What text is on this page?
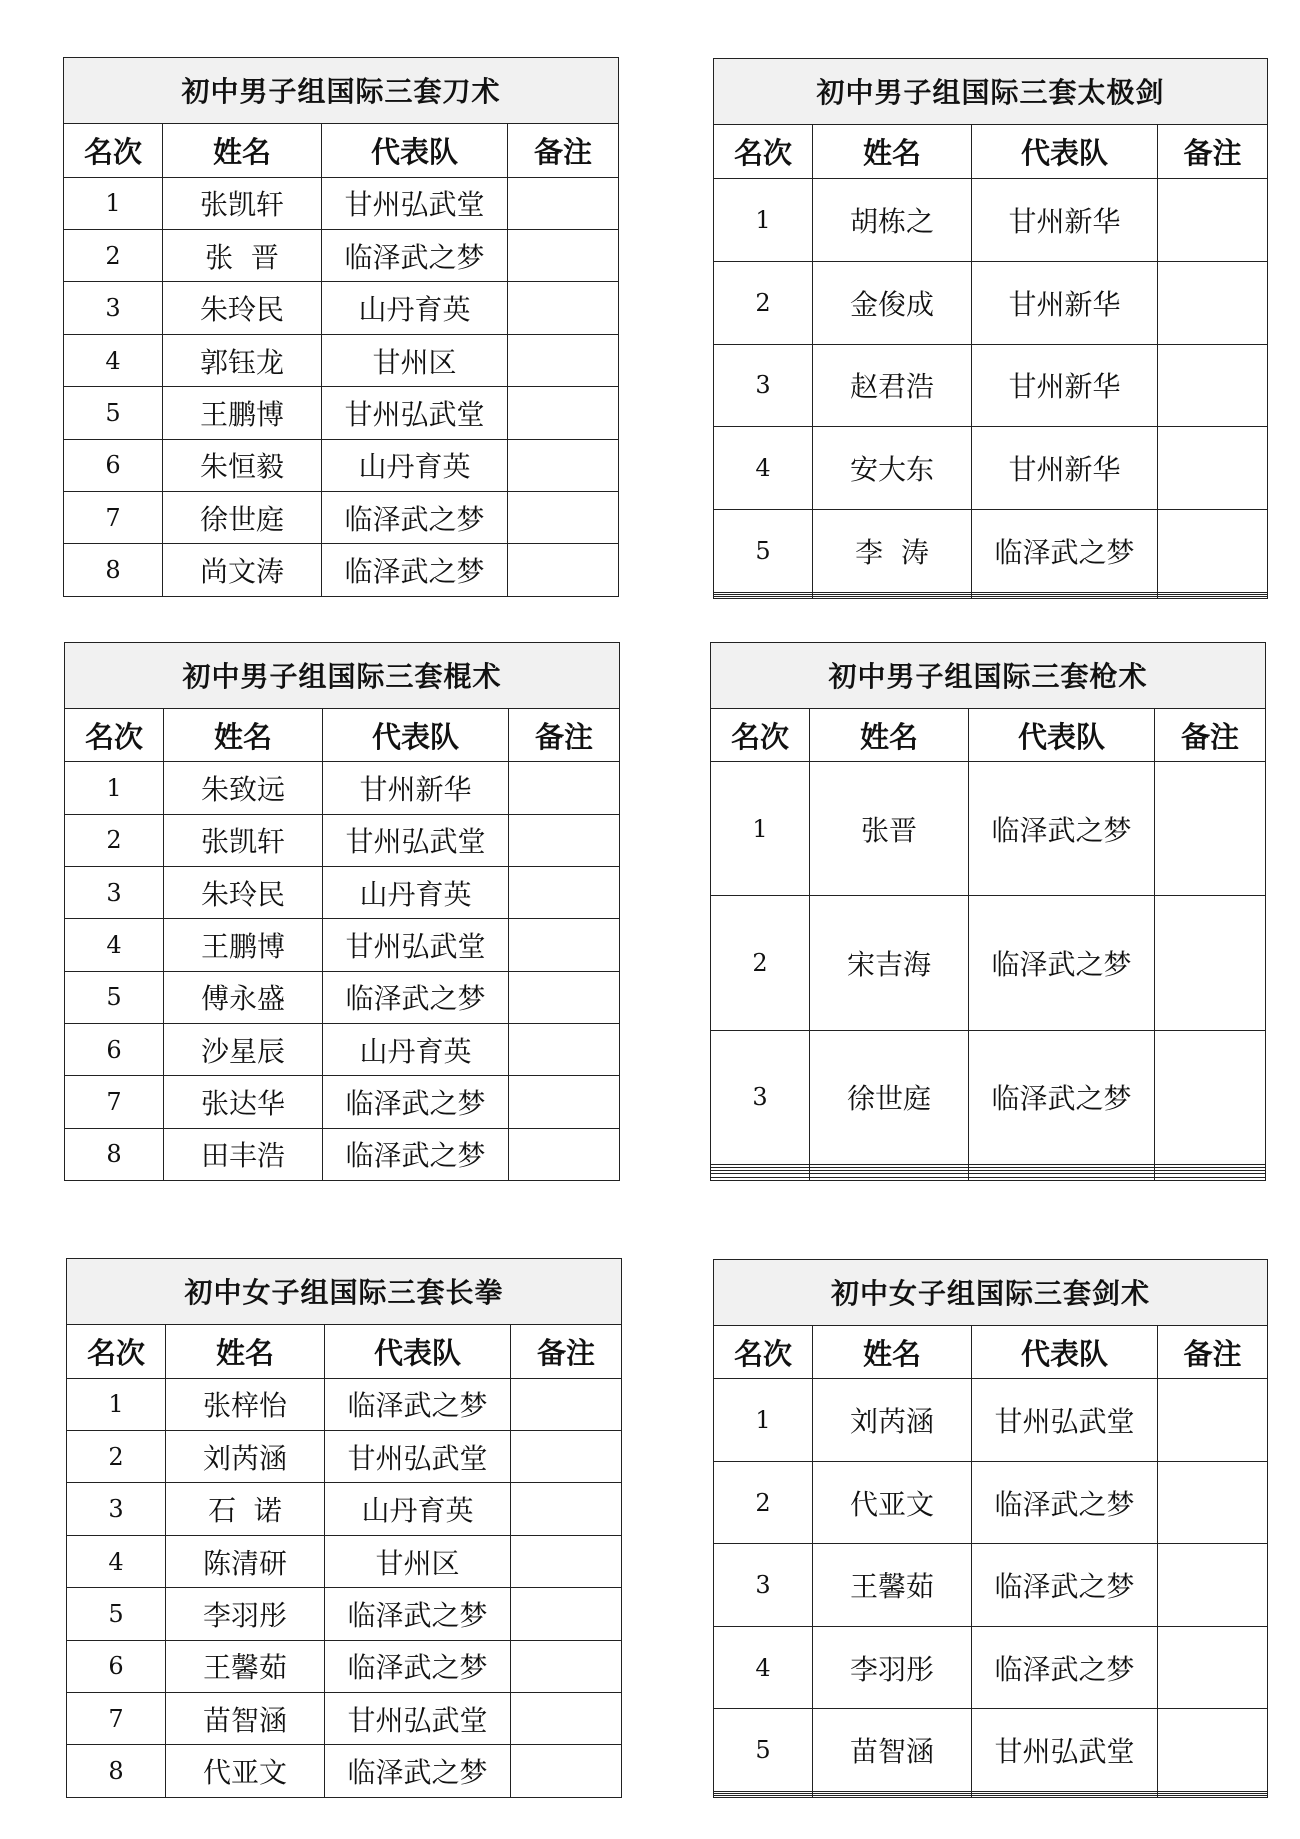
初中男子组国际三套刀术			
名次	姓名	代表队	备注
1	张凯轩	甘州弘武堂	
2	张  晋	临泽武之梦	
3	朱玲民	山丹育英	
4	郭钰龙	甘州区	
5	王鹏博	甘州弘武堂	
6	朱恒毅	山丹育英	
7	徐世庭	临泽武之梦	
8	尚文涛	临泽武之梦	
初中男子组国际三套太极剑			
名次	姓名	代表队	备注
1	胡栋之	甘州新华	
2	金俊成	甘州新华	
3	赵君浩	甘州新华	
4	安大东	甘州新华	
5	李  涛	临泽武之梦	

初中男子组国际三套棍术			
名次	姓名	代表队	备注
1	朱致远	甘州新华	
2	张凯轩	甘州弘武堂	
3	朱玲民	山丹育英	
4	王鹏博	甘州弘武堂	
5	傅永盛	临泽武之梦	
6	沙星辰	山丹育英	
7	张达华	临泽武之梦	
8	田丰浩	临泽武之梦	
初中男子组国际三套枪术			
名次	姓名	代表队	备注
1	张晋	临泽武之梦	
2	宋吉海	临泽武之梦	
3	徐世庭	临泽武之梦	

初中女子组国际三套长拳			
名次	姓名	代表队	备注
1	张梓怡	临泽武之梦	
2	刘芮涵	甘州弘武堂	
3	石  诺	山丹育英	
4	陈清研	甘州区	
5	李羽彤	临泽武之梦	
6	王馨茹	临泽武之梦	
7	苗智涵	甘州弘武堂	
8	代亚文	临泽武之梦	
初中女子组国际三套剑术			
名次	姓名	代表队	备注
1	刘芮涵	甘州弘武堂	
2	代亚文	临泽武之梦	
3	王馨茹	临泽武之梦	
4	李羽彤	临泽武之梦	
5	苗智涵	甘州弘武堂	
